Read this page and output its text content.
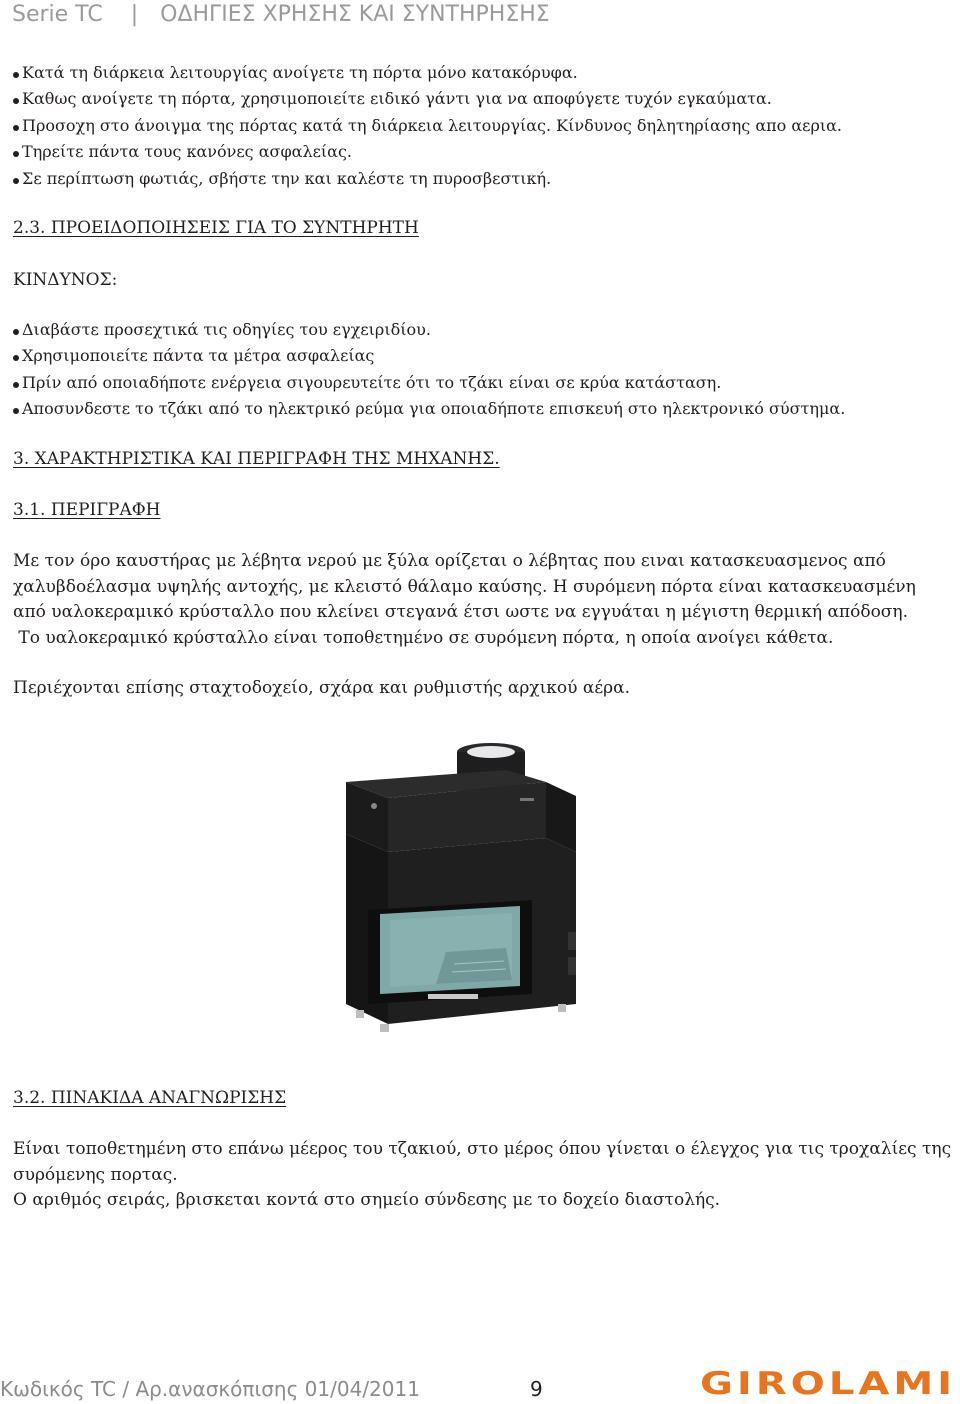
Serie TC | ΟΔΗΓΙΕΣ ΧΡΗΣΗΣ ΚΑΙ ΣΥΝΤΗΡΗΣΗΣ
Κατά τη διάρκεια λειτουργίας ανοίγετε τη πόρτα μόνο κατακόρυφα.
Καθως ανοίγετε τη πόρτα, χρησιμοποιείτε ειδικό γάντι για να αποφύγετε τυχόν εγκαύματα.
Προσοχη στο άνοιγμα της πόρτας κατά τη διάρκεια λειτουργίας. Κίνδυνος δηλητηρίασης απο αερια.
Τηρείτε πάντα τους κανόνες ασφαλείας.
Σε περίπτωση φωτιάς, σβήστε την και καλέστε τη πυροσβεστική.
2.3. ΠΡΟΕΙΔΟΠΟΙΗΣΕΙΣ ΓΙΑ ΤΟ ΣΥΝΤΗΡΗΤΗ
ΚΙΝΔΥΝΟΣ:
Διαβάστε προσεχτικά τις οδηγίες του εγχειριδίου.
Χρησιμοποιείτε πάντα τα μέτρα ασφαλείας
Πρίν από οποιαδήποτε ενέργεια σιγουρευτείτε ότι το τζάκι είναι σε κρύα κατάσταση.
Αποσυνδεστε το τζάκι από το ηλεκτρικό ρεύμα για οποιαδήποτε επισκευή στο ηλεκτρονικό σύστημα.
3. ΧΑΡΑΚΤΗΡΙΣΤΙΚΑ ΚΑΙ ΠΕΡΙΓΡΑΦΗ ΤΗΣ ΜΗΧΑΝΗΣ.
3.1. ΠΕΡΙΓΡΑΦΗ
Με τον όρο καυστήρας με λέβητα νερού με ξύλα ορίζεται ο λέβητας που ειναι κατασκευασμενος από
χαλυβδοέλασμα υψηλής αντοχής, με κλειστό θάλαμο καύσης. Η συρόμενη πόρτα είναι κατασκευασμένη
από υαλοκεραμικό κρύσταλλο που κλείνει στεγανά έτσι ωστε να εγγυάται η μέγιστη θερμική απόδοση.
Το υαλοκεραμικό κρύσταλλο είναι τοποθετημένο σε συρόμενη πόρτα, η οποία ανοίγει κάθετα.
Περιέχονται επίσης σταχτοδοχείο, σχάρα και ρυθμιστής αρχικού αέρα.
3.2. ΠΙΝΑΚΙΔΑ ΑΝΑΓΝΩΡΙΣΗΣ
Είναι τοποθετημένη στο επάνω μέερος του τζακιού, στο μέρος όπου γίνεται ο έλεγχος για τις τροχαλίες της
συρόμενης πορτας.
Ο αριθμός σειράς, βρισκεται κοντά στο σημείο σύνδεσης με το δοχείο διαστολής.
Κωδικός TC / Αρ.ανασκόπισης 01/04/2011	9	GIROLAMI
